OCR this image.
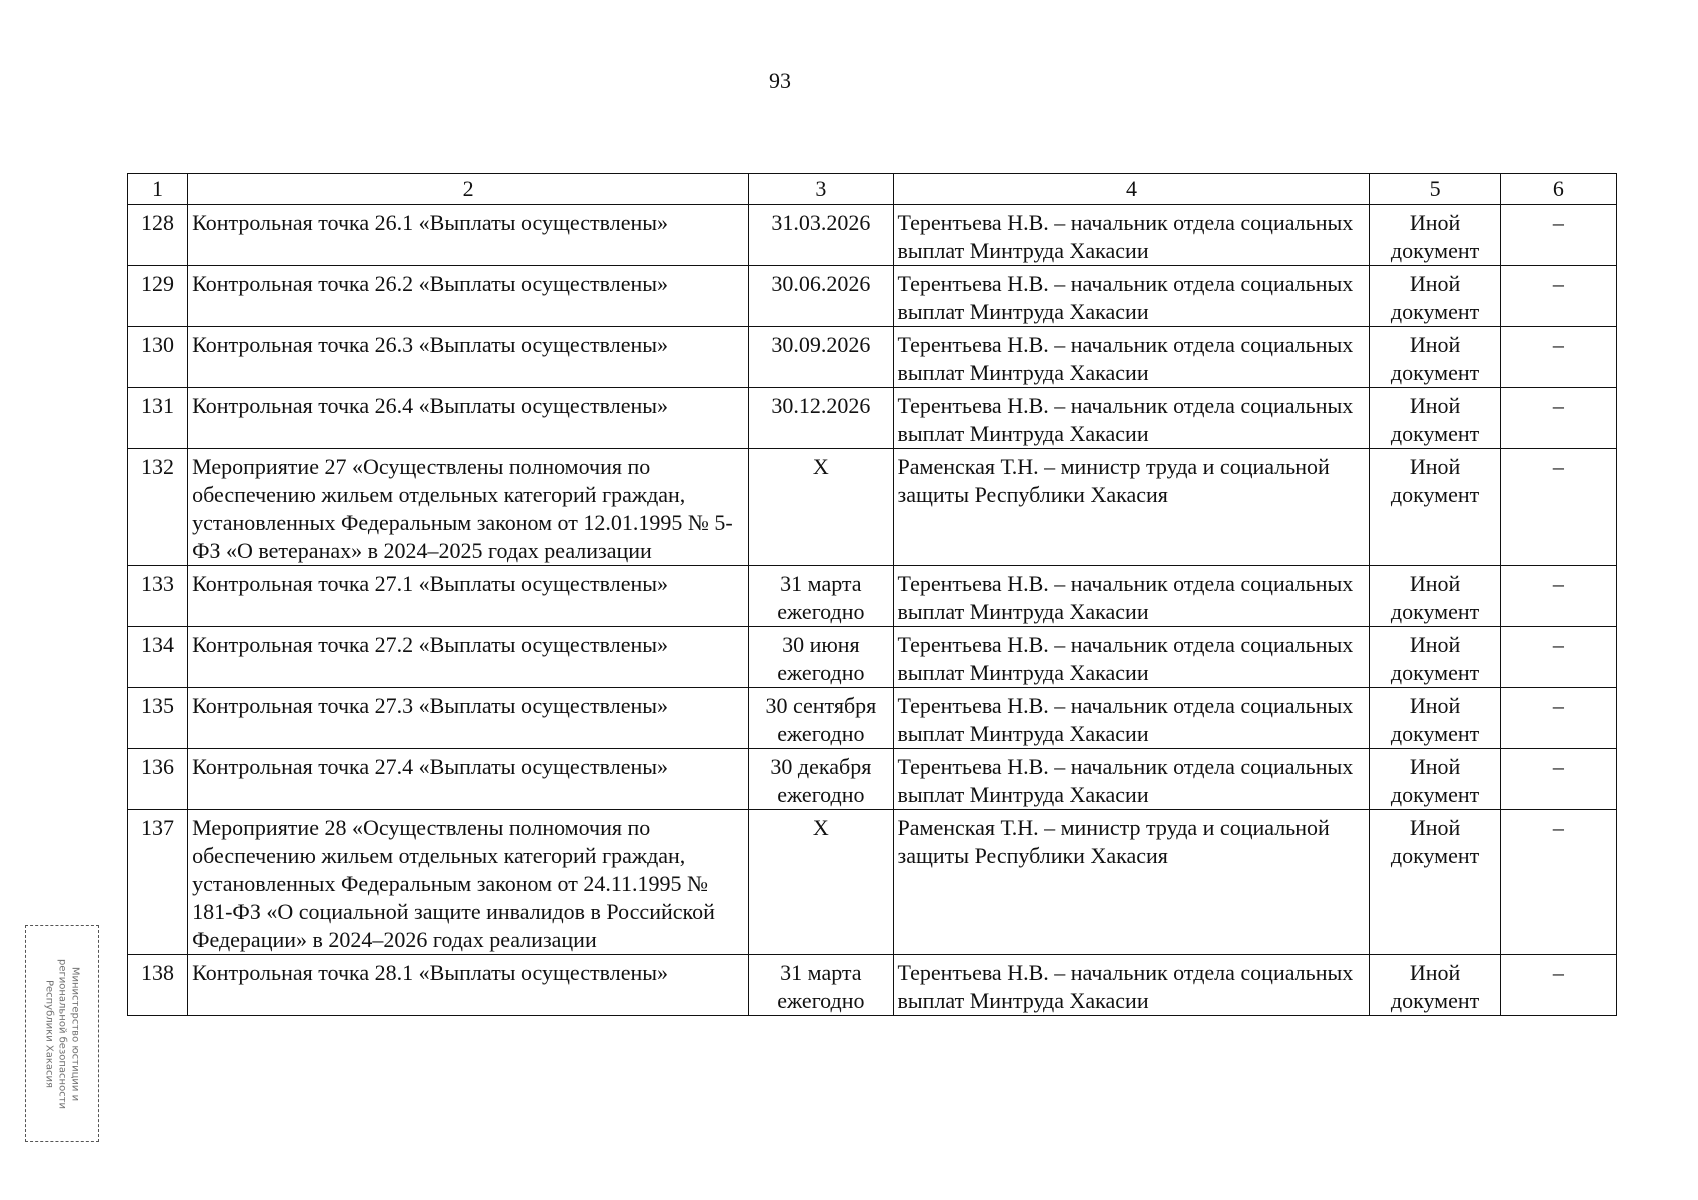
93
1	2	3	4	5	6
128	Контрольная точка 26.1 «Выплаты осуществлены»	31.03.2026	Терентьева Н.В. – начальник отдела социальных выплат Минтруда Хакасии	Иной документ	–
129	Контрольная точка 26.2 «Выплаты осуществлены»	30.06.2026	Терентьева Н.В. – начальник отдела социальных выплат Минтруда Хакасии	Иной документ	–
130	Контрольная точка 26.3 «Выплаты осуществлены»	30.09.2026	Терентьева Н.В. – начальник отдела социальных выплат Минтруда Хакасии	Иной документ	–
131	Контрольная точка 26.4 «Выплаты осуществлены»	30.12.2026	Терентьева Н.В. – начальник отдела социальных выплат Минтруда Хакасии	Иной документ	–
132	Мероприятие 27 «Осуществлены полномочия по обеспечению жильем отдельных категорий граждан, установленных Федеральным законом от 12.01.1995 № 5-ФЗ «О ветеранах» в 2024–2025 годах реализации	Х	Раменская Т.Н. – министр труда и социальной защиты Республики Хакасия	Иной документ	–
133	Контрольная точка 27.1 «Выплаты осуществлены»	31 марта ежегодно	Терентьева Н.В. – начальник отдела социальных выплат Минтруда Хакасии	Иной документ	–
134	Контрольная точка 27.2 «Выплаты осуществлены»	30 июня ежегодно	Терентьева Н.В. – начальник отдела социальных выплат Минтруда Хакасии	Иной документ	–
135	Контрольная точка 27.3 «Выплаты осуществлены»	30 сентября ежегодно	Терентьева Н.В. – начальник отдела социальных выплат Минтруда Хакасии	Иной документ	–
136	Контрольная точка 27.4 «Выплаты осуществлены»	30 декабря ежегодно	Терентьева Н.В. – начальник отдела социальных выплат Минтруда Хакасии	Иной документ	–
137	Мероприятие 28 «Осуществлены полномочия по обеспечению жильем отдельных категорий граждан, установленных Федеральным законом от 24.11.1995 № 181-ФЗ «О социальной защите инвалидов в Российской Федерации» в 2024–2026 годах реализации	Х	Раменская Т.Н. – министр труда и социальной защиты Республики Хакасия	Иной документ	–
138	Контрольная точка 28.1 «Выплаты осуществлены»	31 марта ежегодно	Терентьева Н.В. – начальник отдела социальных выплат Минтруда Хакасии	Иной документ	–
Министерство юстиции и региональной безопасности Республики Хакасия
